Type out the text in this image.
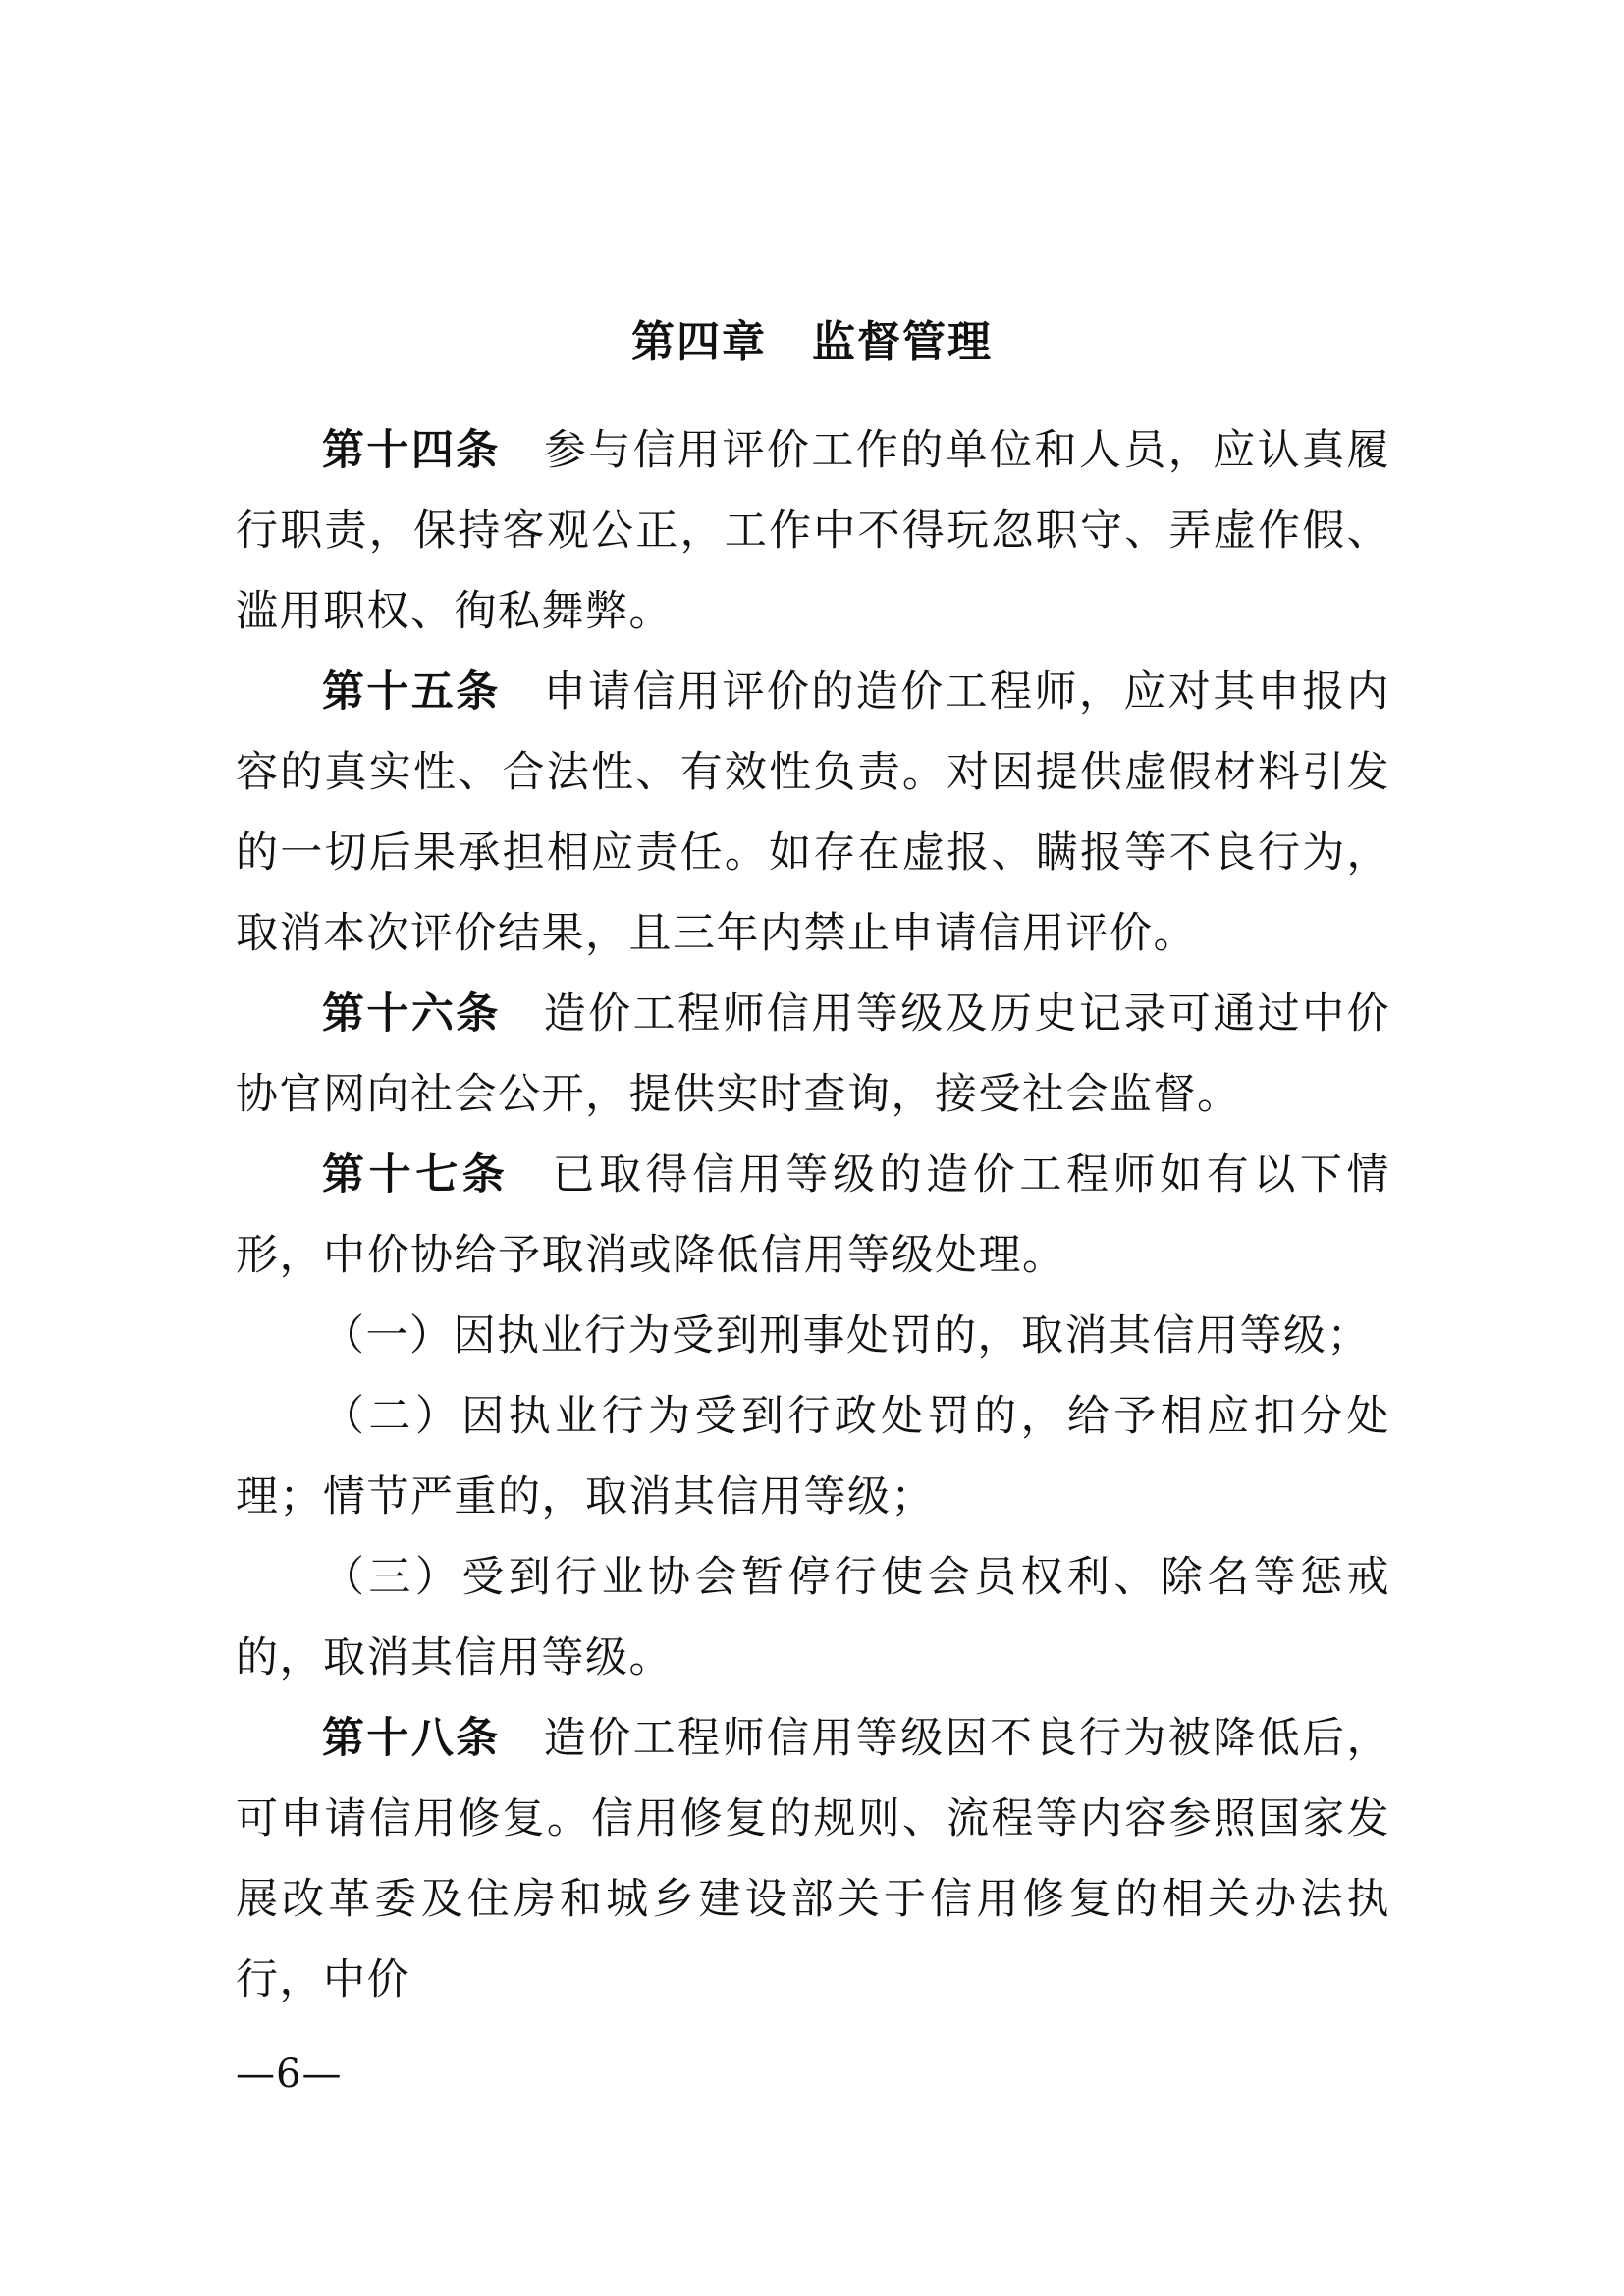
第四章　监督管理

第十四条 参与信用评价工作的单位和人员，应认真履行职责，保持客观公正，工作中不得玩忽职守、弄虚作假、滥用职权、徇私舞弊。

第十五条 申请信用评价的造价工程师，应对其申报内容的真实性、合法性、有效性负责。对因提供虚假材料引发的一切后果承担相应责任。如存在虚报、瞒报等不良行为，取消本次评价结果，且三年内禁止申请信用评价。

第十六条 造价工程师信用等级及历史记录可通过中价协官网向社会公开，提供实时查询，接受社会监督。

第十七条 已取得信用等级的造价工程师如有以下情形，中价协给予取消或降低信用等级处理。

（一）因执业行为受到刑事处罚的，取消其信用等级；

（二）因执业行为受到行政处罚的，给予相应扣分处理；情节严重的，取消其信用等级；

（三）受到行业协会暂停行使会员权利、除名等惩戒的，取消其信用等级。

第十八条 造价工程师信用等级因不良行为被降低后，可申请信用修复。信用修复的规则、流程等内容参照国家发展改革委及住房和城乡建设部关于信用修复的相关办法执行，中价

—6—
